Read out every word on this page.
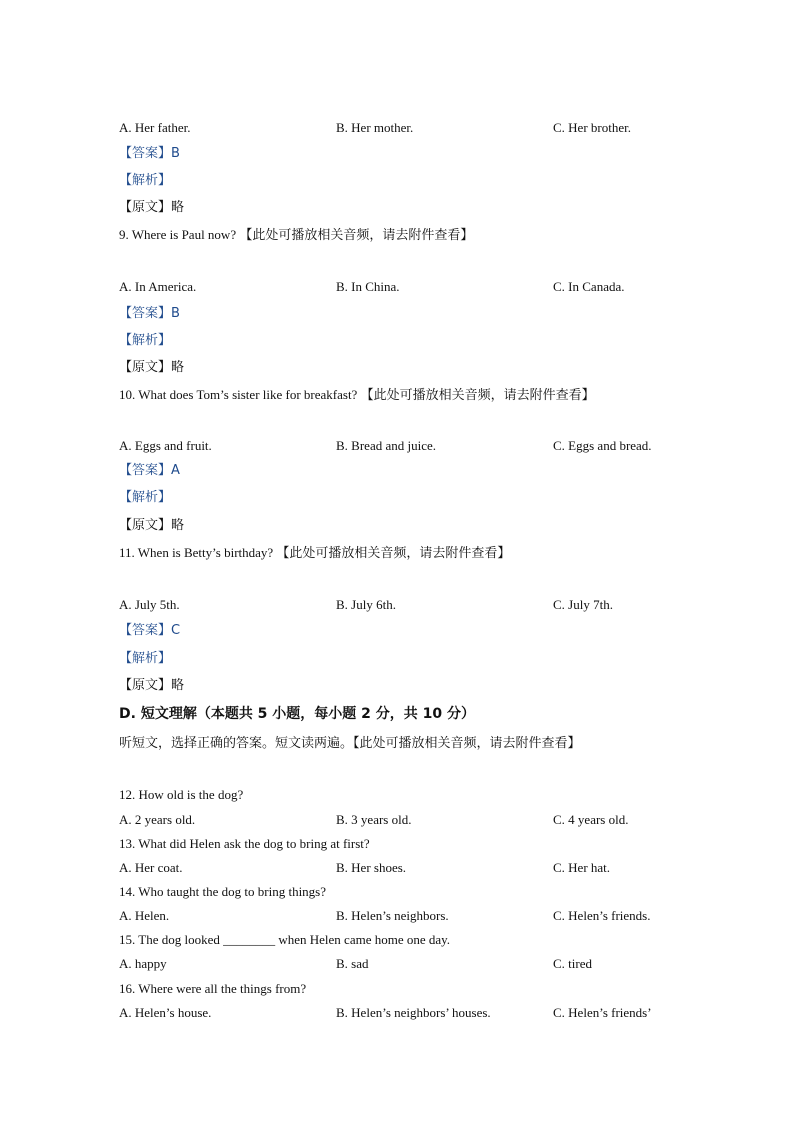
A. Her father.	B. Her mother.	C. Her brother.
【答案】B
【解析】
【原文】略
9. Where is Paul now? 【此处可播放相关音频，请去附件查看】
A. In America.	B. In China.	C. In Canada.
【答案】B
【解析】
【原文】略
10. What does Tom’s sister like for breakfast? 【此处可播放相关音频，请去附件查看】
A. Eggs and fruit.	B. Bread and juice.	C. Eggs and bread.
【答案】A
【解析】
【原文】略
11. When is Betty’s birthday? 【此处可播放相关音频，请去附件查看】
A. July 5th.	B. July 6th.	C. July 7th.
【答案】C
【解析】
【原文】略
D. 短文理解（本题共 5 小题，每小题 2 分，共 10 分）
听短文，选择正确的答案。短文读两遍。【此处可播放相关音频，请去附件查看】
12. How old is the dog?
A. 2 years old.	B. 3 years old.	C. 4 years old.
13. What did Helen ask the dog to bring at first?
A. Her coat.	B. Her shoes.	C. Her hat.
14. Who taught the dog to bring things?
A. Helen.	B. Helen’s neighbors.	C. Helen’s friends.
15. The dog looked ________ when Helen came home one day.
A. happy	B. sad	C. tired
16. Where were all the things from?
A. Helen’s house.	B. Helen’s neighbors’ houses.	C. Helen’s friends’
